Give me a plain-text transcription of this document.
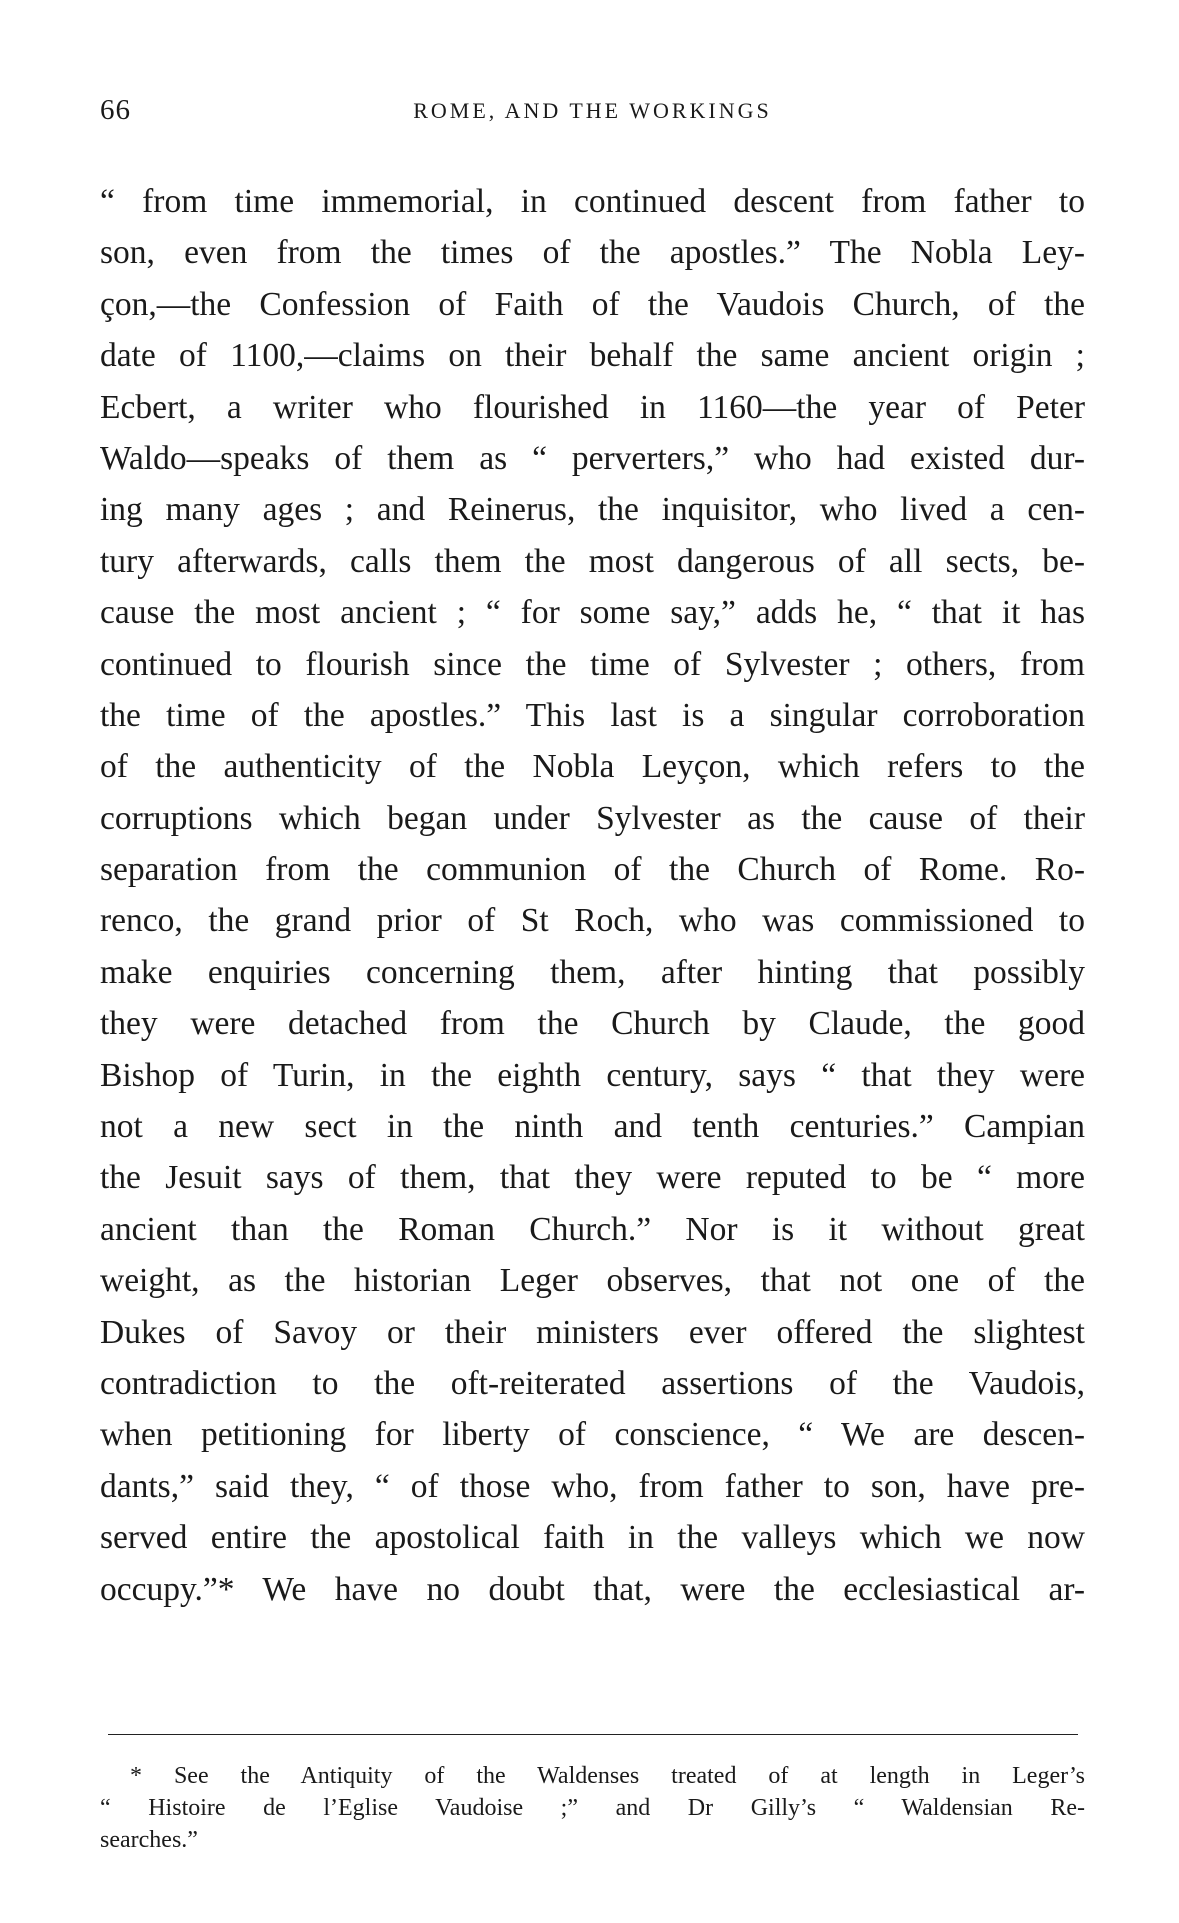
66	ROME, AND THE WORKINGS
“ from time immemorial, in continued descent from father to
son, even from the times of the apostles.” The Nobla Ley-
çon,—the Confession of Faith of the Vaudois Church, of the
date of 1100,—claims on their behalf the same ancient origin ;
Ecbert, a writer who flourished in 1160—the year of Peter
Waldo—speaks of them as “ perverters,” who had existed dur-
ing many ages ; and Reinerus, the inquisitor, who lived a cen-
tury afterwards, calls them the most dangerous of all sects, be-
cause the most ancient ; “ for some say,” adds he, “ that it has
continued to flourish since the time of Sylvester ; others, from
the time of the apostles.” This last is a singular corroboration
of the authenticity of the Nobla Leyçon, which refers to the
corruptions which began under Sylvester as the cause of their
separation from the communion of the Church of Rome. Ro-
renco, the grand prior of St Roch, who was commissioned to
make enquiries concerning them, after hinting that possibly
they were detached from the Church by Claude, the good
Bishop of Turin, in the eighth century, says “ that they were
not a new sect in the ninth and tenth centuries.” Campian
the Jesuit says of them, that they were reputed to be “ more
ancient than the Roman Church.” Nor is it without great
weight, as the historian Leger observes, that not one of the
Dukes of Savoy or their ministers ever offered the slightest
contradiction to the oft-reiterated assertions of the Vaudois,
when petitioning for liberty of conscience, “ We are descen-
dants,” said they, “ of those who, from father to son, have pre-
served entire the apostolical faith in the valleys which we now
occupy.”* We have no doubt that, were the ecclesiastical ar-
* See the Antiquity of the Waldenses treated of at length in Leger’s
“ Histoire de l’Eglise Vaudoise ;” and Dr Gilly’s “ Waldensian Re-
searches.”
